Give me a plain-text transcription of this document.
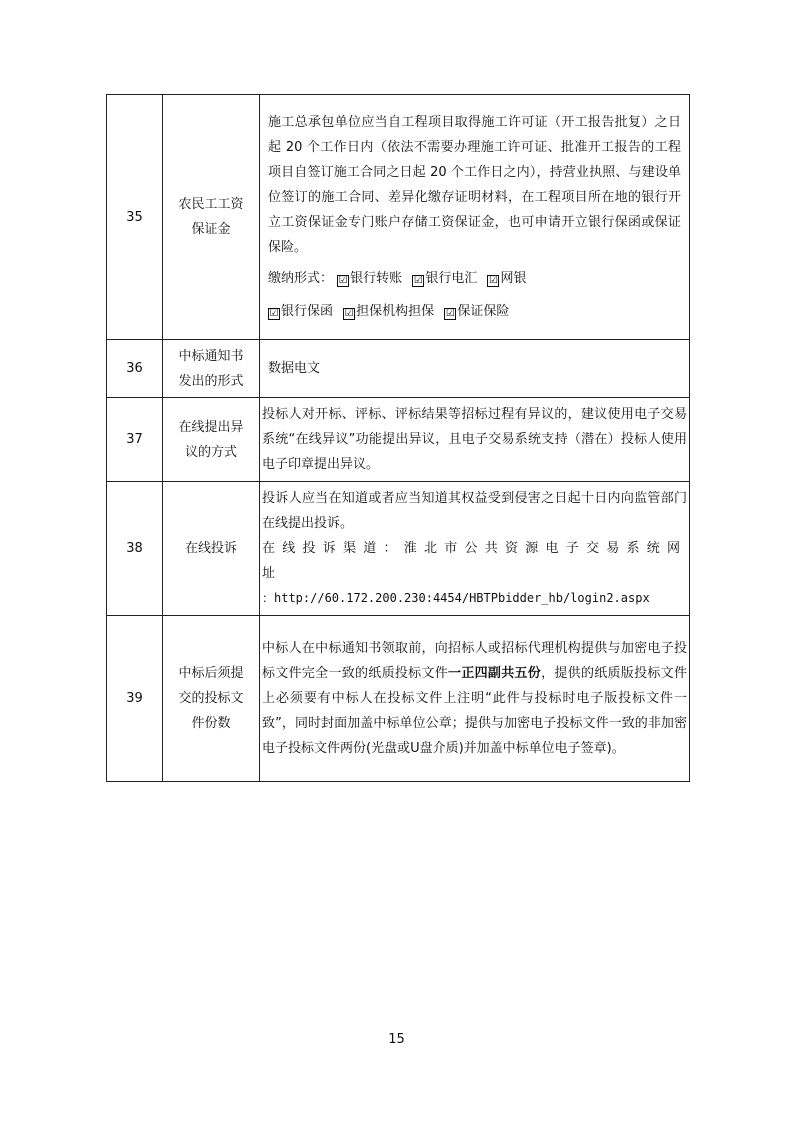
35	农民工工资保证金	施工总承包单位应当自工程项目取得施工许可证（开工报告批复）之日起 20 个工作日内（依法不需要办理施工许可证、批准开工报告的工程项目自签订施工合同之日起 20 个工作日之内），持营业执照、与建设单位签订的施工合同、差异化缴存证明材料，在工程项目所在地的银行开立工资保证金专门账户存储工资保证金，也可申请开立银行保函或保证保险。
缴纳形式： ☑ 银行转账 ☑ 银行电汇 ☑ 网银
☑ 银行保函 ☑ 担保机构担保 ☑ 保证保险

36	中标通知书发出的形式	数据电文

37	在线提出异议的方式	投标人对开标、评标、评标结果等招标过程有异议的，建议使用电子交易系统“在线异议”功能提出异议，且电子交易系统支持（潜在）投标人使用电子印章提出异议。

38	在线投诉	投诉人应当在知道或者应当知道其权益受到侵害之日起十日内向监管部门在线提出投诉。
在线投诉渠道：淮北市公共资源电子交易系统网址
：http://60.172.200.230:4454/HBTPbidder_hb/login2.aspx

39	中标后须提交的投标文件份数	中标人在中标通知书领取前，向招标人或招标代理机构提供与加密电子投标文件完全一致的纸质投标文件一正四副共五份，提供的纸质版投标文件上必须要有中标人在投标文件上注明“此件与投标时电子版投标文件一致”，同时封面加盖中标单位公章；提供与加密电子投标文件一致的非加密电子投标文件两份(光盘或U盘介质)并加盖中标单位电子签章)。
15
